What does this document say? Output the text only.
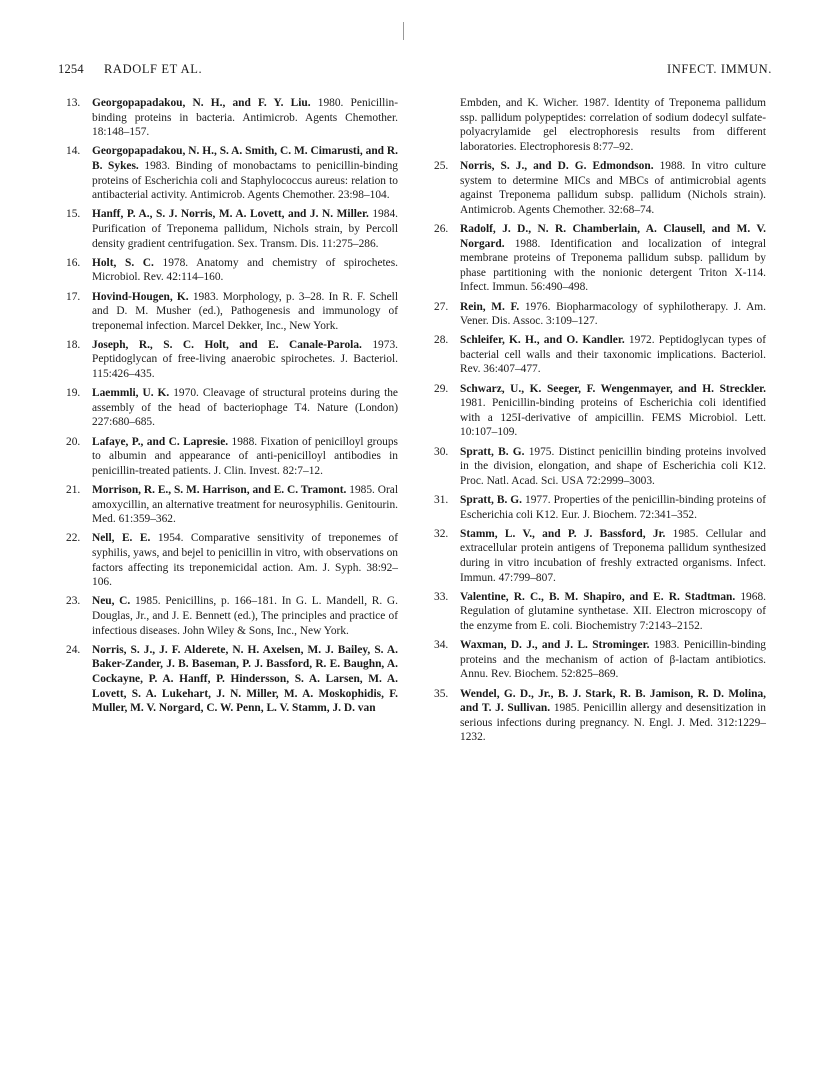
1254 RADOLF ET AL.	INFECT. IMMUN.
13.	Georgopapadakou, N. H., and F. Y. Liu. 1980. Penicillin-binding proteins in bacteria. Antimicrob. Agents Chemother. 18:148–157.
14.	Georgopapadakou, N. H., S. A. Smith, C. M. Cimarusti, and R. B. Sykes. 1983. Binding of monobactams to penicillin-binding proteins of Escherichia coli and Staphylococcus aureus: relation to antibacterial activity. Antimicrob. Agents Chemother. 23:98–104.
15.	Hanff, P. A., S. J. Norris, M. A. Lovett, and J. N. Miller. 1984. Purification of Treponema pallidum, Nichols strain, by Percoll density gradient centrifugation. Sex. Transm. Dis. 11:275–286.
16.	Holt, S. C. 1978. Anatomy and chemistry of spirochetes. Microbiol. Rev. 42:114–160.
17.	Hovind-Hougen, K. 1983. Morphology, p. 3–28. In R. F. Schell and D. M. Musher (ed.), Pathogenesis and immunology of treponemal infection. Marcel Dekker, Inc., New York.
18.	Joseph, R., S. C. Holt, and E. Canale-Parola. 1973. Peptidoglycan of free-living anaerobic spirochetes. J. Bacteriol. 115:426–435.
19.	Laemmli, U. K. 1970. Cleavage of structural proteins during the assembly of the head of bacteriophage T4. Nature (London) 227:680–685.
20.	Lafaye, P., and C. Lapresie. 1988. Fixation of penicilloyl groups to albumin and appearance of anti-penicilloyl antibodies in penicillin-treated patients. J. Clin. Invest. 82:7–12.
21.	Morrison, R. E., S. M. Harrison, and E. C. Tramont. 1985. Oral amoxycillin, an alternative treatment for neurosyphilis. Genitourin. Med. 61:359–362.
22.	Nell, E. E. 1954. Comparative sensitivity of treponemes of syphilis, yaws, and bejel to penicillin in vitro, with observations on factors affecting its treponemicidal action. Am. J. Syph. 38:92–106.
23.	Neu, C. 1985. Penicillins, p. 166–181. In G. L. Mandell, R. G. Douglas, Jr., and J. E. Bennett (ed.), The principles and practice of infectious diseases. John Wiley & Sons, Inc., New York.
24.	Norris, S. J., J. F. Alderete, N. H. Axelsen, M. J. Bailey, S. A. Baker-Zander, J. B. Baseman, P. J. Bassford, R. E. Baughn, A. Cockayne, P. A. Hanff, P. Hindersson, S. A. Larsen, M. A. Lovett, S. A. Lukehart, J. N. Miller, M. A. Moskophidis, F. Muller, M. V. Norgard, C. W. Penn, L. V. Stamm, J. D. van
Embden, and K. Wicher. 1987. Identity of Treponema pallidum ssp. pallidum polypeptides: correlation of sodium dodecyl sulfate-polyacrylamide gel electrophoresis results from different laboratories. Electrophoresis 8:77–92.
25.	Norris, S. J., and D. G. Edmondson. 1988. In vitro culture system to determine MICs and MBCs of antimicrobial agents against Treponema pallidum subsp. pallidum (Nichols strain). Antimicrob. Agents Chemother. 32:68–74.
26.	Radolf, J. D., N. R. Chamberlain, A. Clausell, and M. V. Norgard. 1988. Identification and localization of integral membrane proteins of Treponema pallidum subsp. pallidum by phase partitioning with the nonionic detergent Triton X-114. Infect. Immun. 56:490–498.
27.	Rein, M. F. 1976. Biopharmacology of syphilotherapy. J. Am. Vener. Dis. Assoc. 3:109–127.
28.	Schleifer, K. H., and O. Kandler. 1972. Peptidoglycan types of bacterial cell walls and their taxonomic implications. Bacteriol. Rev. 36:407–477.
29.	Schwarz, U., K. Seeger, F. Wengenmayer, and H. Streckler. 1981. Penicillin-binding proteins of Escherichia coli identified with a 125I-derivative of ampicillin. FEMS Microbiol. Lett. 10:107–109.
30.	Spratt, B. G. 1975. Distinct penicillin binding proteins involved in the division, elongation, and shape of Escherichia coli K12. Proc. Natl. Acad. Sci. USA 72:2999–3003.
31.	Spratt, B. G. 1977. Properties of the penicillin-binding proteins of Escherichia coli K12. Eur. J. Biochem. 72:341–352.
32.	Stamm, L. V., and P. J. Bassford, Jr. 1985. Cellular and extracellular protein antigens of Treponema pallidum synthesized during in vitro incubation of freshly extracted organisms. Infect. Immun. 47:799–807.
33.	Valentine, R. C., B. M. Shapiro, and E. R. Stadtman. 1968. Regulation of glutamine synthetase. XII. Electron microscopy of the enzyme from E. coli. Biochemistry 7:2143–2152.
34.	Waxman, D. J., and J. L. Strominger. 1983. Penicillin-binding proteins and the mechanism of action of β-lactam antibiotics. Annu. Rev. Biochem. 52:825–869.
35.	Wendel, G. D., Jr., B. J. Stark, R. B. Jamison, R. D. Molina, and T. J. Sullivan. 1985. Penicillin allergy and desensitization in serious infections during pregnancy. N. Engl. J. Med. 312:1229–1232.
